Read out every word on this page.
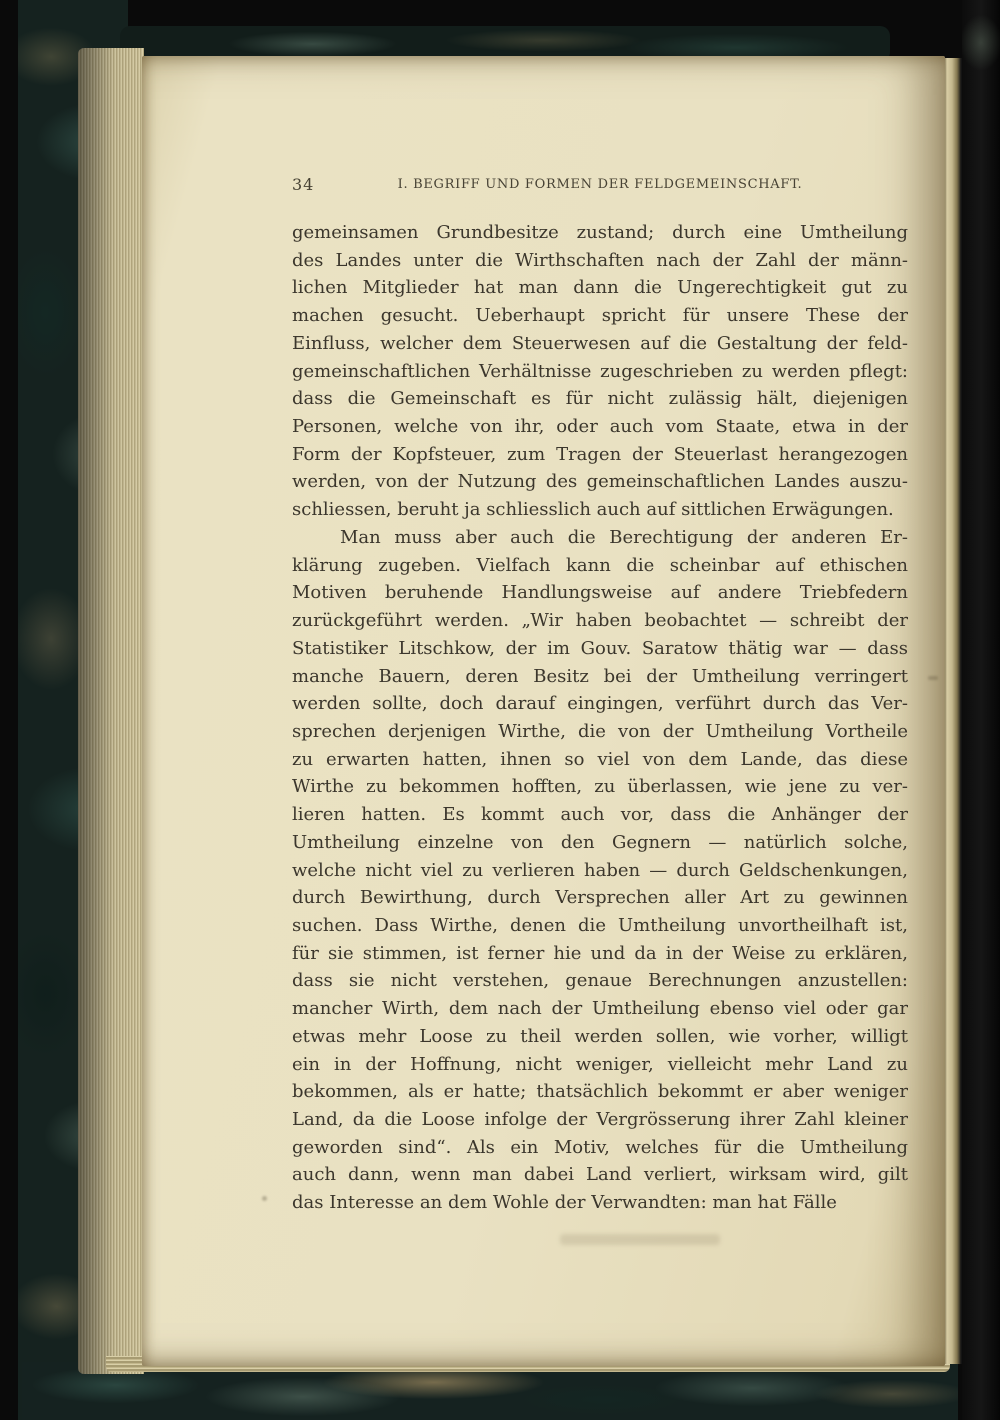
34	I. BEGRIFF UND FORMEN DER FELDGEMEINSCHAFT.
gemeinsamen Grundbesitze zustand; durch eine Umtheilung
des Landes unter die Wirthschaften nach der Zahl der männ-
lichen Mitglieder hat man dann die Ungerechtigkeit gut zu
machen gesucht. Ueberhaupt spricht für unsere These der
Einfluss, welcher dem Steuerwesen auf die Gestaltung der feld-
gemeinschaftlichen Verhältnisse zugeschrieben zu werden pflegt:
dass die Gemeinschaft es für nicht zulässig hält, diejenigen
Personen, welche von ihr, oder auch vom Staate, etwa in der
Form der Kopfsteuer, zum Tragen der Steuerlast herangezogen
werden, von der Nutzung des gemeinschaftlichen Landes auszu-
schliessen, beruht ja schliesslich auch auf sittlichen Erwägungen.
Man muss aber auch die Berechtigung der anderen Er-
klärung zugeben. Vielfach kann die scheinbar auf ethischen
Motiven beruhende Handlungsweise auf andere Triebfedern
zurückgeführt werden. „Wir haben beobachtet — schreibt der
Statistiker Litschkow, der im Gouv. Saratow thätig war — dass
manche Bauern, deren Besitz bei der Umtheilung verringert
werden sollte, doch darauf eingingen, verführt durch das Ver-
sprechen derjenigen Wirthe, die von der Umtheilung Vortheile
zu erwarten hatten, ihnen so viel von dem Lande, das diese
Wirthe zu bekommen hofften, zu überlassen, wie jene zu ver-
lieren hatten. Es kommt auch vor, dass die Anhänger der
Umtheilung einzelne von den Gegnern — natürlich solche,
welche nicht viel zu verlieren haben — durch Geldschenkungen,
durch Bewirthung, durch Versprechen aller Art zu gewinnen
suchen. Dass Wirthe, denen die Umtheilung unvortheilhaft ist,
für sie stimmen, ist ferner hie und da in der Weise zu erklären,
dass sie nicht verstehen, genaue Berechnungen anzustellen:
mancher Wirth, dem nach der Umtheilung ebenso viel oder gar
etwas mehr Loose zu theil werden sollen, wie vorher, willigt
ein in der Hoffnung, nicht weniger, vielleicht mehr Land zu
bekommen, als er hatte; thatsächlich bekommt er aber weniger
Land, da die Loose infolge der Vergrösserung ihrer Zahl kleiner
geworden sind“. Als ein Motiv, welches für die Umtheilung
auch dann, wenn man dabei Land verliert, wirksam wird, gilt
das Interesse an dem Wohle der Verwandten: man hat Fälle
